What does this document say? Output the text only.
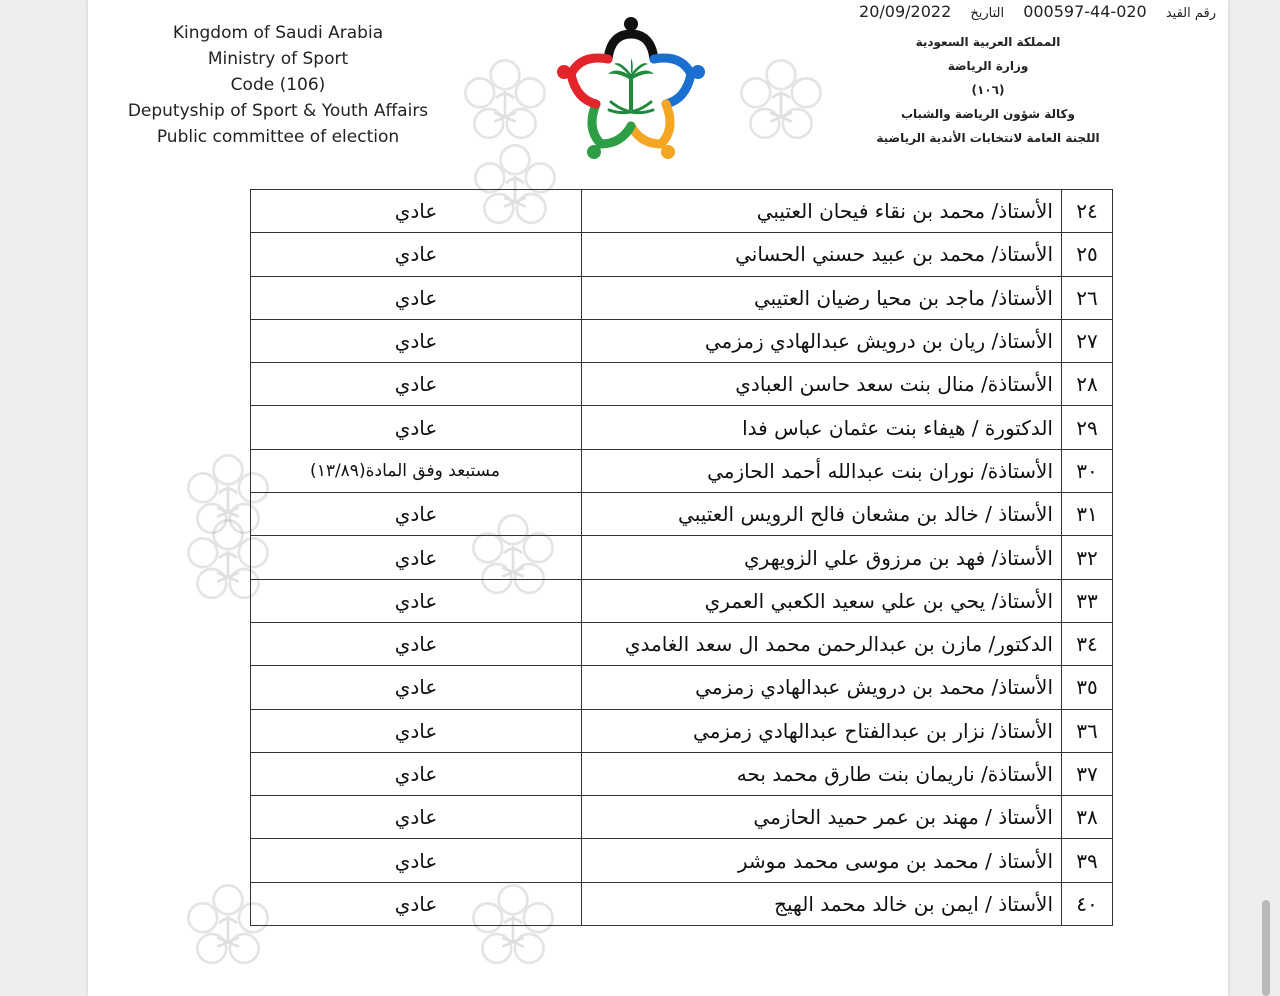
Kingdom of Saudi Arabia
Ministry of Sport
Code (106)
Deputyship of Sport & Youth Affairs
Public committee of election
رقم القيد 020-44-000597 التاريخ 20/09/2022
المملكة العربية السعودية
وزارة الرياضة
(١٠٦)
وكالة شؤون الرياضة والشباب
اللجنة العامة لانتخابات الأندية الرياضية
٢٤	الأستاذ/ محمد بن نقاء فيحان العتيبي	عادي
٢٥	الأستاذ/ محمد بن عبيد حسني الحساني	عادي
٢٦	الأستاذ/ ماجد بن محيا رضيان العتيبي	عادي
٢٧	الأستاذ/ ريان بن درويش عبدالهادي زمزمي	عادي
٢٨	الأستاذة/ منال بنت سعد حاسن العبادي	عادي
٢٩	الدكتورة / هيفاء بنت عثمان عباس فدا	عادي
٣٠	الأستاذة/ نوران بنت عبدالله أحمد الحازمي	مستبعد وفق المادة(١٣/٨٩)
٣١	الأستاذ / خالد بن مشعان فالح الرويس العتيبي	عادي
٣٢	الأستاذ/ فهد بن مرزوق علي الزويهري	عادي
٣٣	الأستاذ/ يحي بن علي سعيد الكعبي العمري	عادي
٣٤	الدكتور/ مازن بن عبدالرحمن محمد ال سعد الغامدي	عادي
٣٥	الأستاذ/ محمد بن درويش عبدالهادي زمزمي	عادي
٣٦	الأستاذ/ نزار بن عبدالفتاح عبدالهادي زمزمي	عادي
٣٧	الأستاذة/ ناريمان بنت طارق محمد بحه	عادي
٣٨	الأستاذ / مهند بن عمر حميد الحازمي	عادي
٣٩	الأستاذ / محمد بن موسى محمد موشر	عادي
٤٠	الأستاذ / ايمن بن خالد محمد الهيج	عادي
